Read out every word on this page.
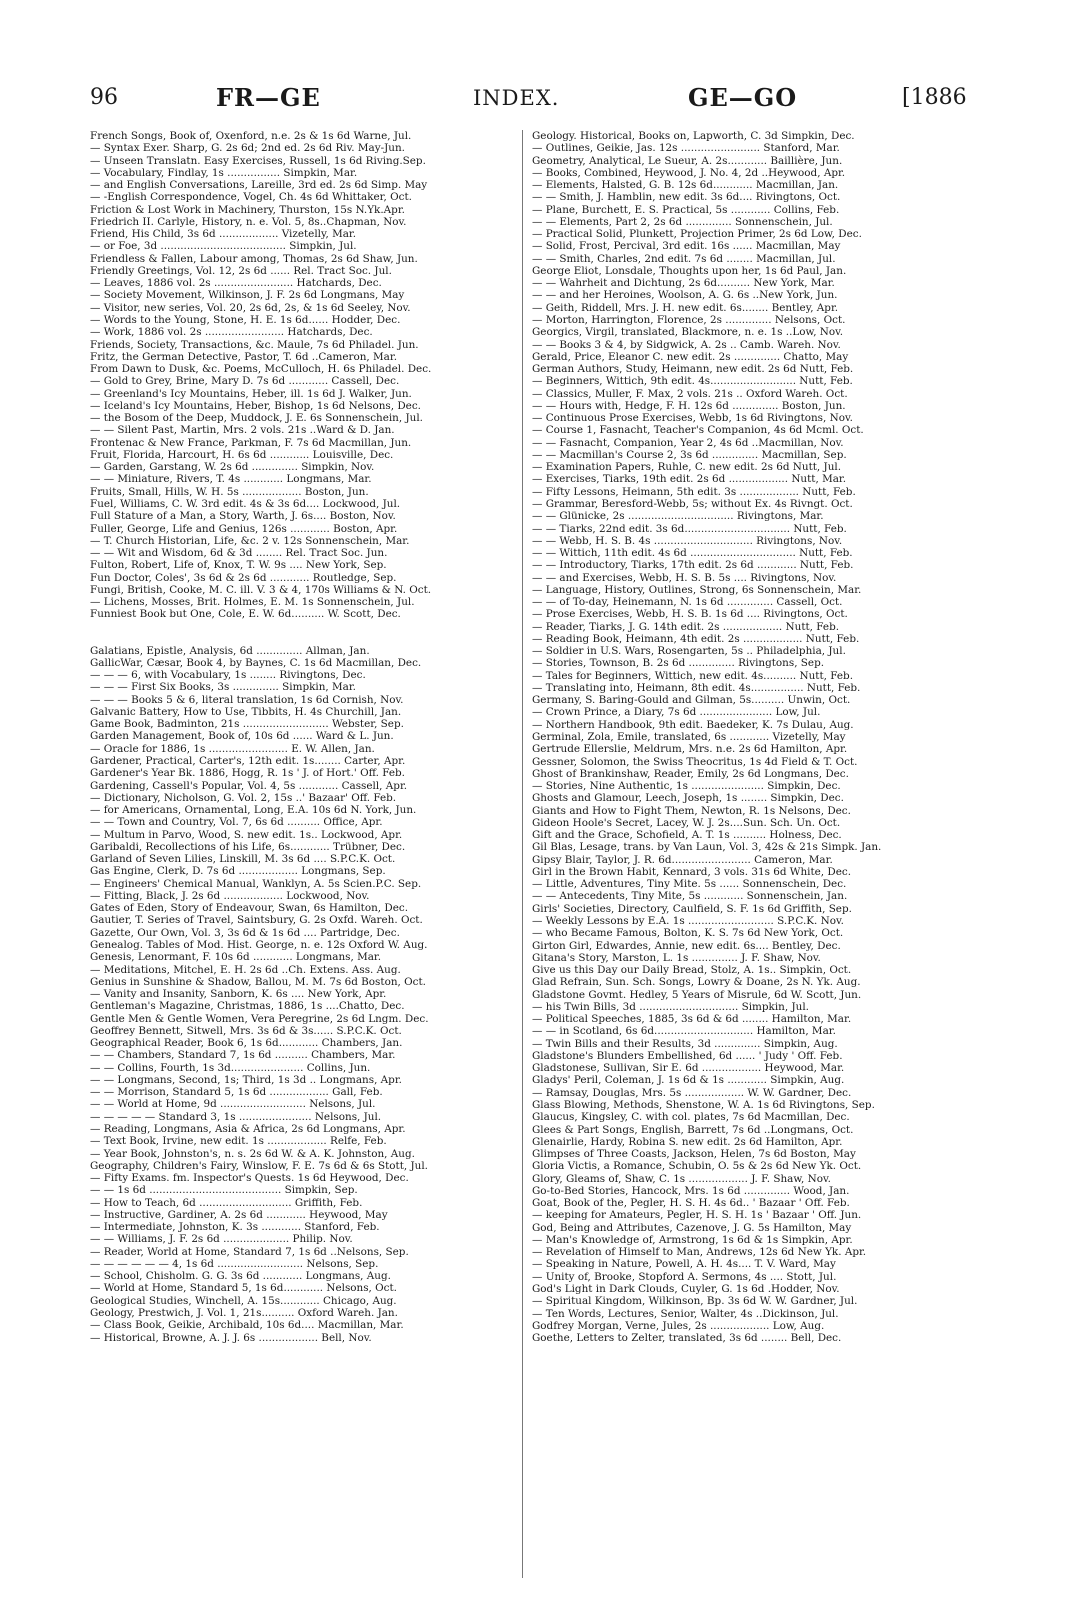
96	FR—GE	INDEX.	GE—GO	[1886
French Songs, Book of, Oxenford, n.e. 2s & 1s 6d Warne, Jul.
— Syntax Exer. Sharp, G. 2s 6d; 2nd ed. 2s 6d Riv. May-Jun.
— Unseen Translatn. Easy Exercises, Russell, 1s 6d Riving.Sep.
— Vocabulary, Findlay, 1s ................ Simpkin, Mar.
— and English Conversations, Lareille, 3rd ed. 2s 6d Simp. May
— -English Correspondence, Vogel, Ch. 4s 6d Whittaker, Oct.
Friction & Lost Work in Machinery, Thurston, 15s N.Yk.Apr.
Friedrich II. Carlyle, History, n. e. Vol. 5, 8s..Chapman, Nov.
Friend, His Child, 3s 6d .................. Vizetelly, Mar.
— or Foe, 3d ...................................... Simpkin, Jul.
Friendless & Fallen, Labour among, Thomas, 2s 6d Shaw, Jun.
Friendly Greetings, Vol. 12, 2s 6d ...... Rel. Tract Soc. Jul.
— Leaves, 1886 vol. 2s ........................ Hatchards, Dec.
— Society Movement, Wilkinson, J. F. 2s 6d Longmans, May
— Visitor, new series, Vol. 20, 2s 6d, 2s, & 1s 6d Seeley, Nov.
— Words to the Young, Stone, H. E. 1s 6d...... Hodder, Dec.
— Work, 1886 vol. 2s ........................ Hatchards, Dec.
Friends, Society, Transactions, &c. Maule, 7s 6d Philadel. Jun.
Fritz, the German Detective, Pastor, T. 6d ..Cameron, Mar.
From Dawn to Dusk, &c. Poems, McCulloch, H. 6s Philadel. Dec.
— Gold to Grey, Brine, Mary D. 7s 6d ............ Cassell, Dec.
— Greenland's Icy Mountains, Heber, ill. 1s 6d J. Walker, Jun.
— Iceland's Icy Mountains, Heber, Bishop, 1s 6d Nelsons, Dec.
— the Bosom of the Deep, Muddock, J. E. 6s Sonnenschein, Jul.
— — Silent Past, Martin, Mrs. 2 vols. 21s ..Ward & D. Jan.
Frontenac & New France, Parkman, F. 7s 6d Macmillan, Jun.
Fruit, Florida, Harcourt, H. 6s 6d ............ Louisville, Dec.
— Garden, Garstang, W. 2s 6d .............. Simpkin, Nov.
— — Miniature, Rivers, T. 4s ............ Longmans, Mar.
Fruits, Small, Hills, W. H. 5s .................. Boston, Jun.
Fuel, Williams, C. W. 3rd edit. 4s & 3s 6d.... Lockwood, Jul.
Full Stature of a Man, a Story, Warth, J. 6s.... Boston, Nov.
Fuller, George, Life and Genius, 126s ............ Boston, Apr.
— T. Church Historian, Life, &c. 2 v. 12s Sonnenschein, Mar.
— — Wit and Wisdom, 6d & 3d ........ Rel. Tract Soc. Jun.
Fulton, Robert, Life of, Knox, T. W. 9s .... New York, Sep.
Fun Doctor, Coles', 3s 6d & 2s 6d ............ Routledge, Sep.
Fungi, British, Cooke, M. C. ill. V. 3 & 4, 170s Williams & N. Oct.
— Lichens, Mosses, Brit. Holmes, E. M. 1s Sonnenschein, Jul.
Funniest Book but One, Cole, E. W. 6d.......... W. Scott, Dec.
Galatians, Epistle, Analysis, 6d .............. Allman, Jan.
GallicWar, Cæsar, Book 4, by Baynes, C. 1s 6d Macmillan, Dec.
— — — 6, with Vocabulary, 1s ........ Rivingtons, Dec.
— — — First Six Books, 3s .............. Simpkin, Mar.
— — — Books 5 & 6, literal translation, 1s 6d Cornish, Nov.
Galvanic Battery, How to Use, Tibbits, H. 4s Churchill, Jan.
Game Book, Badminton, 21s .......................... Webster, Sep.
Garden Management, Book of, 10s 6d ...... Ward & L. Jun.
— Oracle for 1886, 1s ........................ E. W. Allen, Jan.
Gardener, Practical, Carter's, 12th edit. 1s........ Carter, Apr.
Gardener's Year Bk. 1886, Hogg, R. 1s ' J. of Hort.' Off. Feb.
Gardening, Cassell's Popular, Vol. 4, 5s ............ Cassell, Apr.
— Dictionary, Nicholson, G. Vol. 2, 15s ..' Bazaar' Off. Feb.
— for Americans, Ornamental, Long, E.A. 10s 6d N. York, Jun.
— — Town and Country, Vol. 7, 6s 6d .......... Office, Apr.
— Multum in Parvo, Wood, S. new edit. 1s.. Lockwood, Apr.
Garibaldi, Recollections of his Life, 6s............ Trübner, Dec.
Garland of Seven Lilies, Linskill, M. 3s 6d .... S.P.C.K. Oct.
Gas Engine, Clerk, D. 7s 6d .................. Longmans, Sep.
— Engineers' Chemical Manual, Wanklyn, A. 5s Scien.P.C. Sep.
— Fitting, Black, J. 2s 6d .................. Lockwood, Nov.
Gates of Eden, Story of Endeavour, Swan, 6s Hamilton, Dec.
Gautier, T. Series of Travel, Saintsbury, G. 2s Oxfd. Wareh. Oct.
Gazette, Our Own, Vol. 3, 3s 6d & 1s 6d .... Partridge, Dec.
Genealog. Tables of Mod. Hist. George, n. e. 12s Oxford W. Aug.
Genesis, Lenormant, F. 10s 6d ............ Longmans, Mar.
— Meditations, Mitchel, E. H. 2s 6d ..Ch. Extens. Ass. Aug.
Genius in Sunshine & Shadow, Ballou, M. M. 7s 6d Boston, Oct.
— Vanity and Insanity, Sanborn, K. 6s .... New York, Apr.
Gentleman's Magazine, Christmas, 1886, 1s ....Chatto, Dec.
Gentle Men & Gentle Women, Vera Peregrine, 2s 6d Lngm. Dec.
Geoffrey Bennett, Sitwell, Mrs. 3s 6d & 3s...... S.P.C.K. Oct.
Geographical Reader, Book 6, 1s 6d............ Chambers, Jan.
— — Chambers, Standard 7, 1s 6d .......... Chambers, Mar.
— — Collins, Fourth, 1s 3d...................... Collins, Jun.
— — Longmans, Second, 1s; Third, 1s 3d .. Longmans, Apr.
— — Morrison, Standard 5, 1s 6d .................. Gall, Feb.
— — World at Home, 9d .......................... Nelsons, Jul.
— — — — — Standard 3, 1s ...................... Nelsons, Jul.
— Reading, Longmans, Asia & Africa, 2s 6d Longmans, Apr.
— Text Book, Irvine, new edit. 1s .................. Relfe, Feb.
— Year Book, Johnston's, n. s. 2s 6d W. & A. K. Johnston, Aug.
Geography, Children's Fairy, Winslow, F. E. 7s 6d & 6s Stott, Jul.
— Fifty Exams. fm. Inspector's Quests. 1s 6d Heywood, Dec.
— — 1s 6d ........................................ Simpkin, Sep.
— How to Teach, 6d ............................ Griffith, Feb.
— Instructive, Gardiner, A. 2s 6d ............ Heywood, May
— Intermediate, Johnston, K. 3s ............ Stanford, Feb.
— — Williams, J. F. 2s 6d .................... Philip. Nov.
— Reader, World at Home, Standard 7, 1s 6d ..Nelsons, Sep.
— — — — — — 4, 1s 6d .......................... Nelsons, Sep.
— School, Chisholm. G. G. 3s 6d ............ Longmans, Aug.
— World at Home, Standard 5, 1s 6d............ Nelsons, Oct.
Geological Studies, Winchell, A. 15s............ Chicago, Aug.
Geology, Prestwich, J. Vol. 1, 21s.......... Oxford Wareh. Jan.
— Class Book, Geikie, Archibald, 10s 6d.... Macmillan, Mar.
— Historical, Browne, A. J. J. 6s .................. Bell, Nov.
Geology. Historical, Books on, Lapworth, C. 3d Simpkin, Dec.
— Outlines, Geikie, Jas. 12s ........................ Stanford, Mar.
Geometry, Analytical, Le Sueur, A. 2s............ Baillière, Jun.
— Books, Combined, Heywood, J. No. 4, 2d ..Heywood, Apr.
— Elements, Halsted, G. B. 12s 6d............ Macmillan, Jan.
— — Smith, J. Hamblin, new edit. 3s 6d.... Rivingtons, Oct.
— Plane, Burchett, E. S. Practical, 5s ............ Collins, Feb.
— — Elements, Part 2, 2s 6d .............. Sonnenschein, Jul.
— Practical Solid, Plunkett, Projection Primer, 2s 6d Low, Dec.
— Solid, Frost, Percival, 3rd edit. 16s ...... Macmillan, May
— — Smith, Charles, 2nd edit. 7s 6d ........ Macmillan, Jul.
George Eliot, Lonsdale, Thoughts upon her, 1s 6d Paul, Jan.
— — Wahrheit and Dichtung, 2s 6d.......... New York, Mar.
— — and her Heroines, Woolson, A. G. 6s ..New York, Jun.
— Geith, Riddell, Mrs. J. H. new edit. 6s........ Bentley, Apr.
— Morton, Harrington, Florence, 2s .............. Nelsons, Oct.
Georgics, Virgil, translated, Blackmore, n. e. 1s ..Low, Nov.
— — Books 3 & 4, by Sidgwick, A. 2s .. Camb. Wareh. Nov.
Gerald, Price, Eleanor C. new edit. 2s .............. Chatto, May
German Authors, Study, Heimann, new edit. 2s 6d Nutt, Feb.
— Beginners, Wittich, 9th edit. 4s.......................... Nutt, Feb.
— Classics, Muller, F. Max, 2 vols. 21s .. Oxford Wareh. Oct.
— — Hours with, Hedge, F. H. 12s 6d .............. Boston, Jun.
— Continuous Prose Exercises, Webb, 1s 6d Rivingtons, Nov.
— Course 1, Fasnacht, Teacher's Companion, 4s 6d Mcml. Oct.
— — Fasnacht, Companion, Year 2, 4s 6d ..Macmillan, Nov.
— — Macmillan's Course 2, 3s 6d .............. Macmillan, Sep.
— Examination Papers, Ruhle, C. new edit. 2s 6d Nutt, Jul.
— Exercises, Tiarks, 19th edit. 2s 6d .................. Nutt, Mar.
— Fifty Lessons, Heimann, 5th edit. 3s .................. Nutt, Feb.
— Grammar, Beresford-Webb, 5s; without Ex. 4s Rivngt. Oct.
— — Glünicke, 2s ................................ Rivingtons, Mar.
— — Tiarks, 22nd edit. 3s 6d................................ Nutt, Feb.
— — Webb, H. S. B. 4s .............................. Rivingtons, Nov.
— — Wittich, 11th edit. 4s 6d ................................ Nutt, Feb.
— — Introductory, Tiarks, 17th edit. 2s 6d ............ Nutt, Feb.
— — and Exercises, Webb, H. S. B. 5s .... Rivingtons, Nov.
— Language, History, Outlines, Strong, 6s Sonnenschein, Mar.
— — of To-day, Heinemann, N. 1s 6d .............. Cassell, Oct.
— Prose Exercises, Webb, H. S. B. 1s 6d .... Rivingtons, Oct.
— Reader, Tiarks, J. G. 14th edit. 2s .................. Nutt, Feb.
— Reading Book, Heimann, 4th edit. 2s .................. Nutt, Feb.
— Soldier in U.S. Wars, Rosengarten, 5s .. Philadelphia, Jul.
— Stories, Townson, B. 2s 6d .............. Rivingtons, Sep.
— Tales for Beginners, Wittich, new edit. 4s.......... Nutt, Feb.
— Translating into, Heimann, 8th edit. 4s................ Nutt, Feb.
Germany, S. Baring-Gould and Gilman, 5s.......... Unwin, Oct.
— Crown Prince, a Diary, 7s 6d ...................... Low, Jul.
— Northern Handbook, 9th edit. Baedeker, K. 7s Dulau, Aug.
Germinal, Zola, Emile, translated, 6s ............ Vizetelly, May
Gertrude Ellerslie, Meldrum, Mrs. n.e. 2s 6d Hamilton, Apr.
Gessner, Solomon, the Swiss Theocritus, 1s 4d Field & T. Oct.
Ghost of Brankinshaw, Reader, Emily, 2s 6d Longmans, Dec.
— Stories, Nine Authentic, 1s ...................... Simpkin, Dec.
Ghosts and Glamour, Leech, Joseph, 1s ........ Simpkin, Dec.
Giants and How to Fight Them, Newton, R. 1s Nelsons, Dec.
Gideon Hoole's Secret, Lacey, W. J. 2s....Sun. Sch. Un. Oct.
Gift and the Grace, Schofield, A. T. 1s .......... Holness, Dec.
Gil Blas, Lesage, trans. by Van Laun, Vol. 3, 42s & 21s Simpk. Jan.
Gipsy Blair, Taylor, J. R. 6d........................ Cameron, Mar.
Girl in the Brown Habit, Kennard, 3 vols. 31s 6d White, Dec.
— Little, Adventures, Tiny Mite. 5s ...... Sonnenschein, Dec.
— — Antecedents, Tiny Mite, 5s ............ Sonnenschein, Jan.
Girls' Societies, Directory, Caulfield, S. F. 1s 6d Griffith, Sep.
— Weekly Lessons by E.A. 1s .......................... S.P.C.K. Nov.
— who Became Famous, Bolton, K. S. 7s 6d New York, Oct.
Girton Girl, Edwardes, Annie, new edit. 6s.... Bentley, Dec.
Gitana's Story, Marston, L. 1s .............. J. F. Shaw, Nov.
Give us this Day our Daily Bread, Stolz, A. 1s.. Simpkin, Oct.
Glad Refrain, Sun. Sch. Songs, Lowry & Doane, 2s N. Yk. Aug.
Gladstone Govmt. Hedley, 5 Years of Misrule, 6d W. Scott, Jun.
— his Twin Bills, 3d .............................. Simpkin, Jul.
— Political Speeches, 1885, 3s 6d & 6d ........ Hamilton, Mar.
— — in Scotland, 6s 6d.............................. Hamilton, Mar.
— Twin Bills and their Results, 3d .............. Simpkin, Aug.
Gladstone's Blunders Embellished, 6d ...... ' Judy ' Off. Feb.
Gladstonese, Sullivan, Sir E. 6d .................. Heywood, Mar.
Gladys' Peril, Coleman, J. 1s 6d & 1s ............ Simpkin, Aug.
— Ramsay, Douglas, Mrs. 5s .................. W. W. Gardner, Dec.
Glass Blowing, Methods, Shenstone, W. A. 1s 6d Rivingtons, Sep.
Glaucus, Kingsley, C. with col. plates, 7s 6d Macmillan, Dec.
Glees & Part Songs, English, Barrett, 7s 6d ..Longmans, Oct.
Glenairlie, Hardy, Robina S. new edit. 2s 6d Hamilton, Apr.
Glimpses of Three Coasts, Jackson, Helen, 7s 6d Boston, May
Gloria Victis, a Romance, Schubin, O. 5s & 2s 6d New Yk. Oct.
Glory, Gleams of, Shaw, C. 1s .................. J. F. Shaw, Nov.
Go-to-Bed Stories, Hancock, Mrs. 1s 6d .............. Wood, Jan.
Goat, Book of the, Pegler, H. S. H. 4s 6d.. ' Bazaar ' Off. Feb.
— keeping for Amateurs, Pegler, H. S. H. 1s ' Bazaar ' Off. Jun.
God, Being and Attributes, Cazenove, J. G. 5s Hamilton, May
— Man's Knowledge of, Armstrong, 1s 6d & 1s Simpkin, Apr.
— Revelation of Himself to Man, Andrews, 12s 6d New Yk. Apr.
— Speaking in Nature, Powell, A. H. 4s.... T. V. Ward, May
— Unity of, Brooke, Stopford A. Sermons, 4s .... Stott, Jul.
God's Light in Dark Clouds, Cuyler, G. 1s 6d .Hodder, Nov.
— Spiritual Kingdom, Wilkinson, Bp. 3s 6d W. W. Gardner, Jul.
— Ten Words, Lectures, Senior, Walter, 4s ..Dickinson, Jul.
Godfrey Morgan, Verne, Jules, 2s .................. Low, Aug.
Goethe, Letters to Zelter, translated, 3s 6d ........ Bell, Dec.
